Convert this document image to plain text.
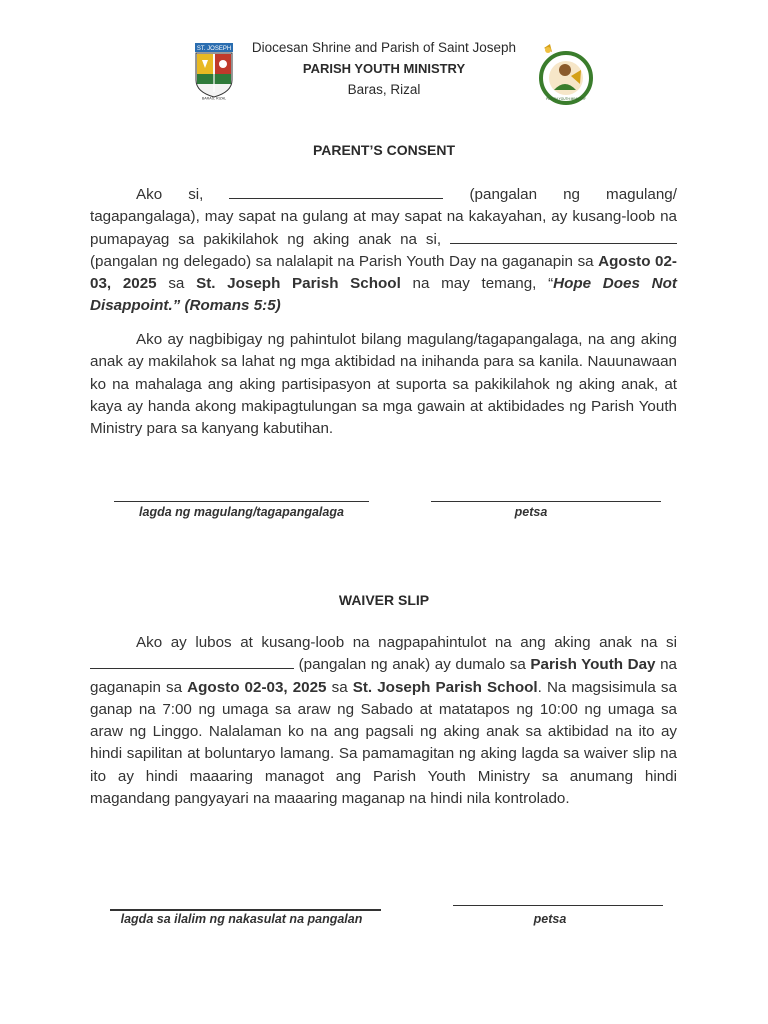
ST. JOSEPH
BARAS, RIZAL
Diocesan Shrine and Parish of Saint Joseph
PARISH YOUTH MINISTRY
Baras, Rizal
PARISH YOUTH MINISTRY
PARENT’S CONSENT

Ako si,	(pangalan ng magulang/ tagapangalaga), may sapat na gulang at may sapat na kakayahan, ay kusang-loob na pumapayag sa pakikilahok ng aking anak na si,  (pangalan ng delegado) sa nalalapit na Parish Youth Day na gaganapin sa Agosto 02-03, 2025 sa St. Joseph Parish School na may temang, “Hope Does Not Disappoint.” (Romans 5:5)

Ako ay nagbibigay ng pahintulot bilang magulang/tagapangalaga, na ang aking anak ay makilahok sa lahat ng mga aktibidad na inihanda para sa kanila. Nauunawaan ko na mahalaga ang aking partisipasyon at suporta sa pakikilahok ng aking anak, at kaya ay handa akong makipagtulungan sa mga gawain at aktibidades ng Parish Youth Ministry para sa kanyang kabutihan.

lagda ng magulang/tagapangalaga	petsa
WAIVER SLIP

Ako ay lubos at kusang-loob na nagpapahintulot na ang aking anak na si  (pangalan ng anak) ay dumalo sa Parish Youth Day na gaganapin sa Agosto 02-03, 2025 sa St. Joseph Parish School. Na magsisimula sa ganap na 7:00 ng umaga sa araw ng Sabado at matatapos ng 10:00 ng umaga sa araw ng Linggo. Nalalaman ko na ang pagsali ng aking anak sa aktibidad na ito ay hindi sapilitan at boluntaryo lamang. Sa pamamagitan ng aking lagda sa waiver slip na ito ay hindi maaaring managot ang Parish Youth Ministry sa anumang hindi magandang pangyayari na maaaring maganap na hindi nila kontrolado.

lagda sa ilalim ng nakasulat na pangalan	petsa
